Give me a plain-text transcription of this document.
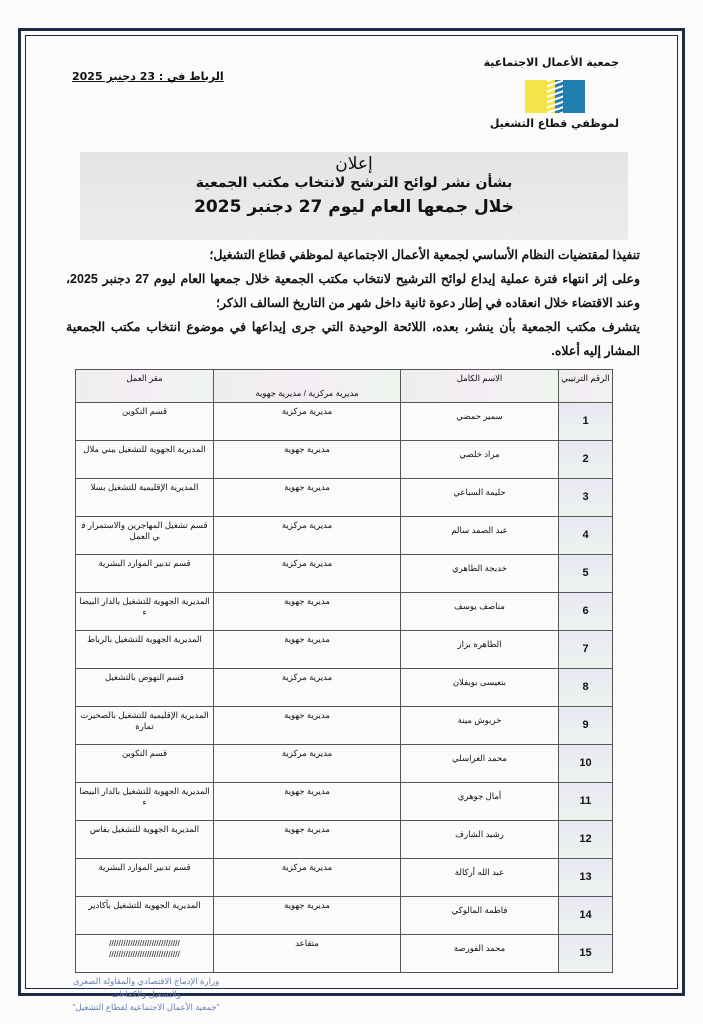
جمعية الأعمال الاجتماعية
لموظفي قطاع التشغيل
الرباط في : 23 دجنبر 2025
إعلان
بشأن نشر لوائح الترشح لانتخاب مكتب الجمعية
خلال جمعها العام ليوم 27 دجنبر 2025

تنفيذا لمقتضيات النظام الأساسي لجمعية الأعمال الاجتماعية لموظفي قطاع التشغيل؛

وعلى إثر انتهاء فترة عملية إيداع لوائح الترشيح لانتخاب مكتب الجمعية خلال جمعها العام ليوم 27 دجنبر 2025، وعند الاقتضاء خلال انعقاده في إطار دعوة ثانية داخل شهر من التاريخ السالف الذكر؛

يتشرف مكتب الجمعية بأن ينشر، بعده، اللائحة الوحيدة التي جرى إيداعها في موضوع انتخاب مكتب الجمعية المشار إليه أعلاه.

الرقم الترتيبي	الاسم الكامل	مديرية مركزية / مديرية جهوية	مقر العمل
1	سمير حمضي	مديرية مركزية	قسم التكوين
2	مراد خلصي	مديرية جهوية	المديرية الجهوية للتشغيل ببني ملال
3	حليمة السباعي	مديرية جهوية	المديرية الإقليمية للتشغيل بسلا
4	عبد الصمد سالم	مديرية مركزية	قسم تشغيل المهاجرين والاستمرار في العمل
5	خديجة الطاهري	مديرية مركزية	قسم تدبير الموارد البشرية
6	مناصف يوسف	مديرية جهوية	المديرية الجهوية للتشغيل بالدار البيضاء
7	الطاهرة بزاز	مديرية جهوية	المديرية الجهوية للتشغيل بالرباط
8	بنعيسى بويفلان	مديرية مركزية	قسم النهوض بالتشغيل
9	خربوش مينة	مديرية جهوية	المديرية الإقليمية للتشغيل بالصخيرت تمارة
10	محمد الغراسلي	مديرية مركزية	قسم التكوين
11	أمال جوهري	مديرية جهوية	المديرية الجهوية للتشغيل بالدار البيضاء
12	رشيد الشارف	مديرية جهوية	المديرية الجهوية للتشغيل بفاس
13	عبد الله أركالة	مديرية مركزية	قسم تدبير الموارد البشرية
14	فاطمة المالوكي	مديرية جهوية	المديرية الجهوية للتشغيل بأكادير
15	محمد الفورصة	متقاعد	////////////////////////////// //////////////////////////////
وزارة الإدماج الاقتصادي والمقاولة الصغرى
والتشغيل والكفاءات
"جمعية الأعمال الاجتماعية لقطاع التشغيل"
